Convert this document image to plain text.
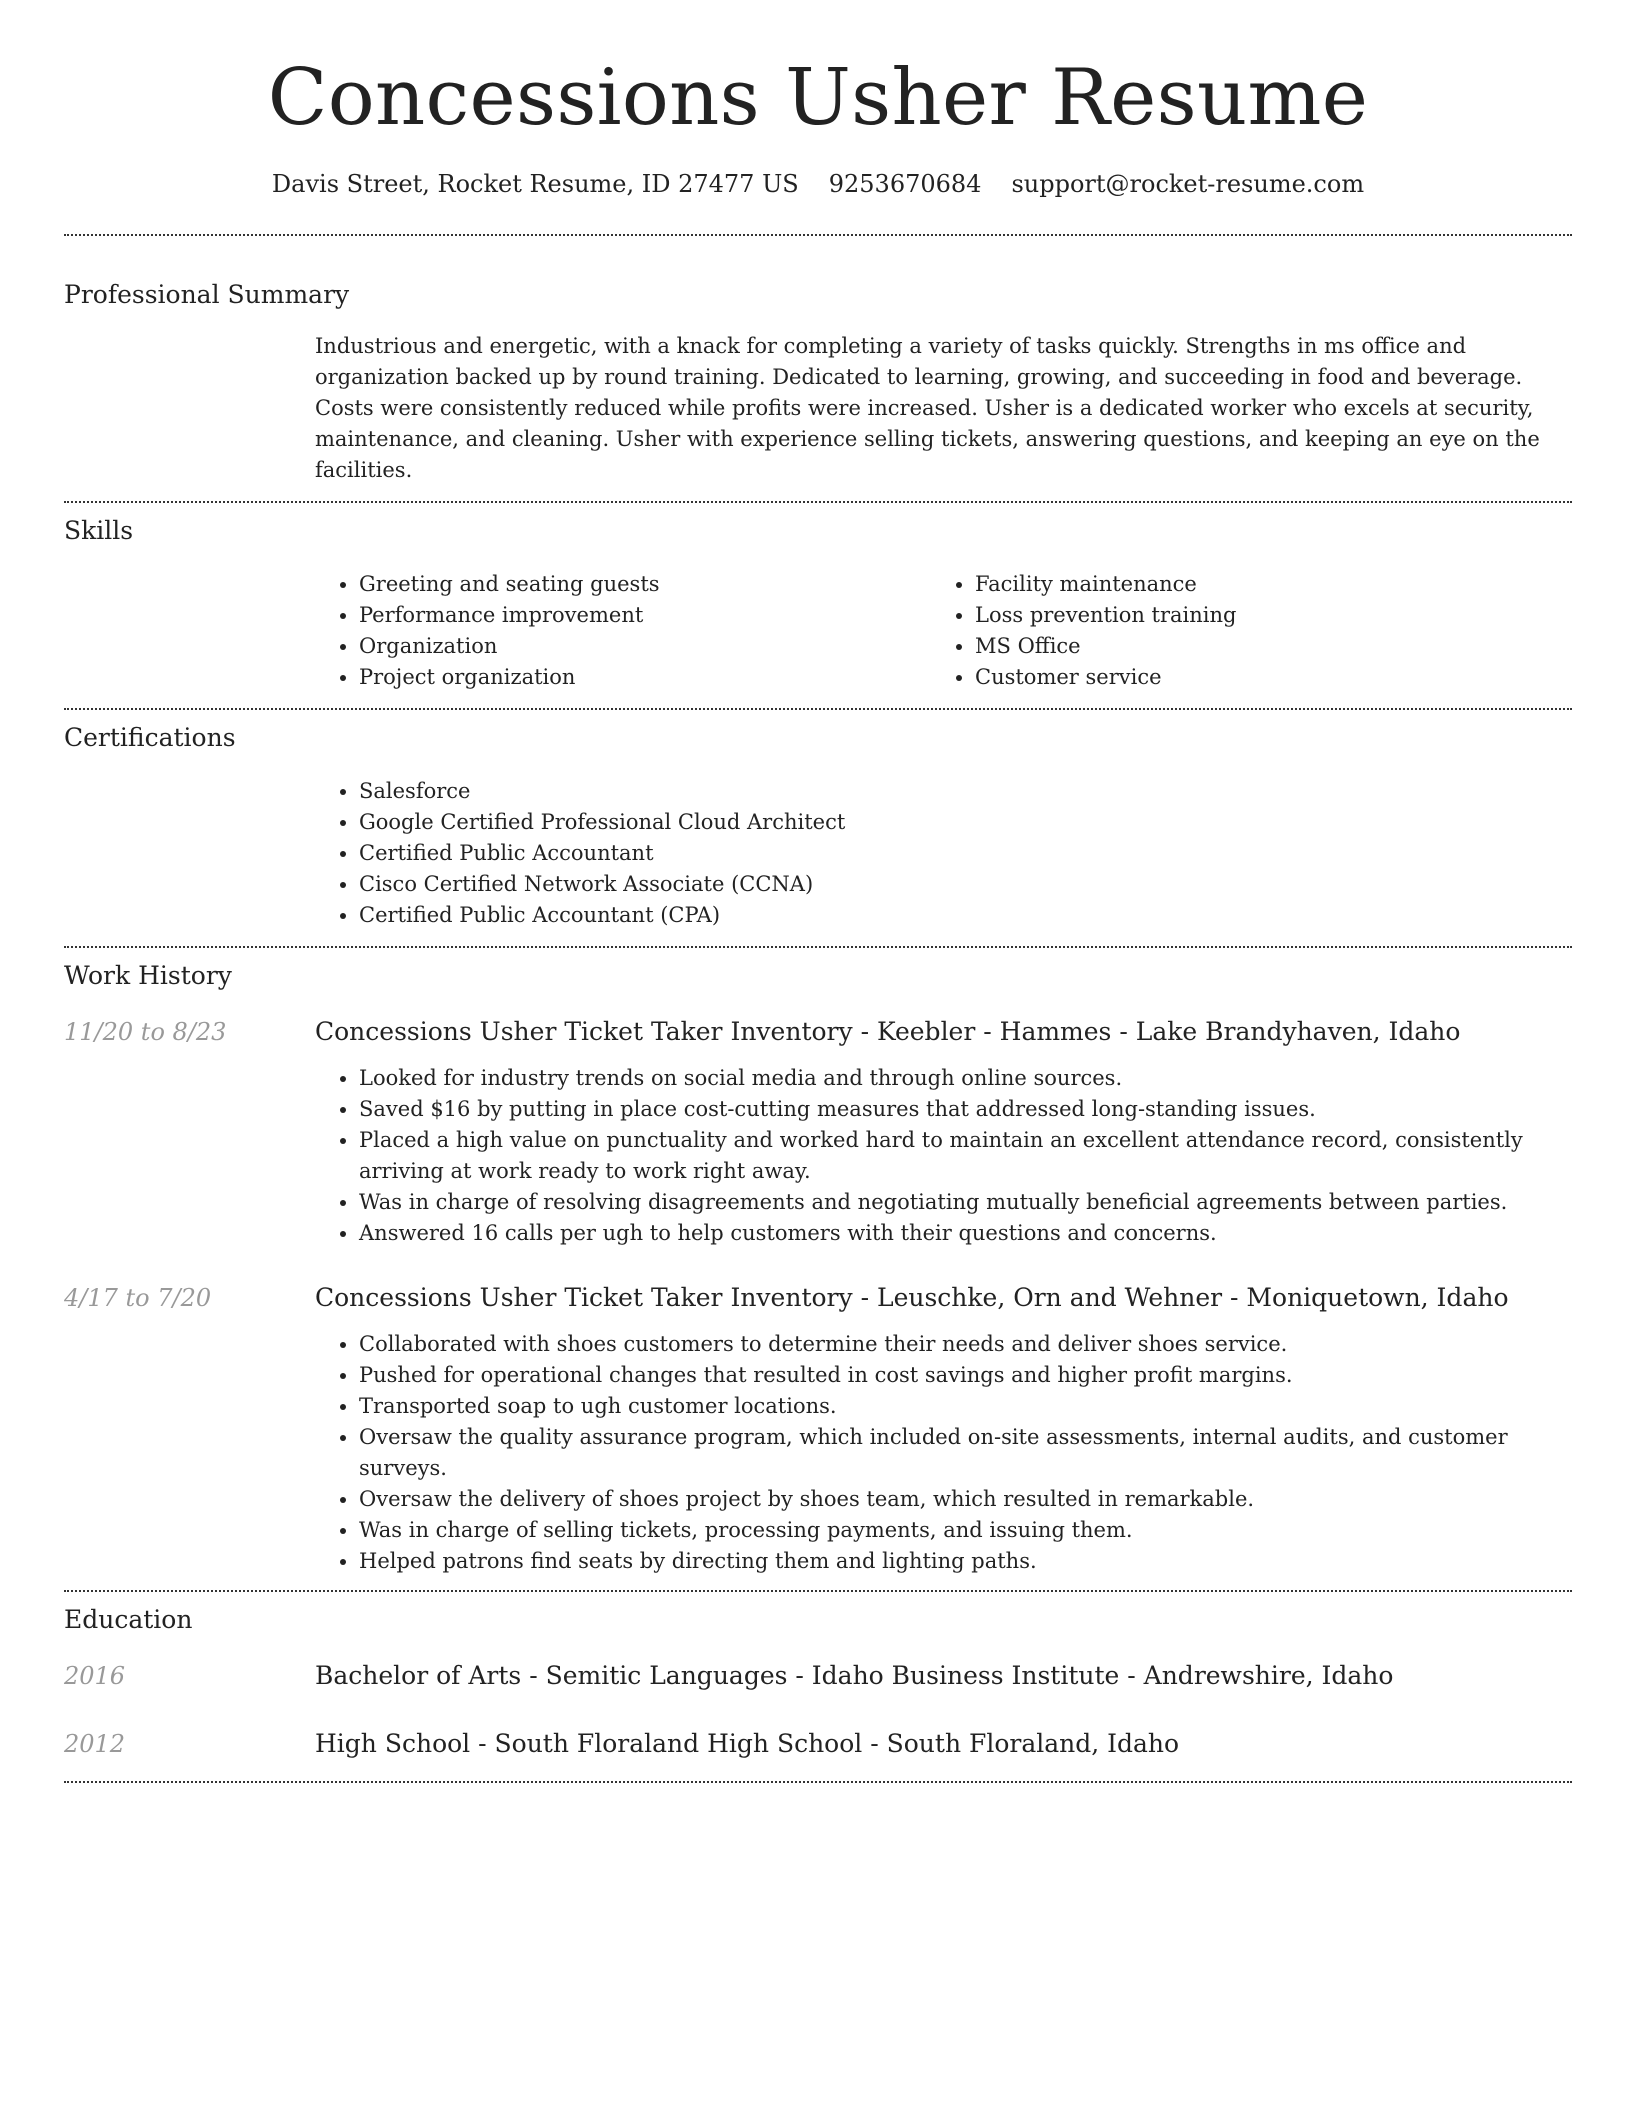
Concessions Usher Resume
Davis Street, Rocket Resume, ID 27477 US 9253670684 support@rocket-resume.com
Professional Summary

Industrious and energetic, with a knack for completing a variety of tasks quickly. Strengths in ms office and organization backed up by round training. Dedicated to learning, growing, and succeeding in food and beverage. Costs were consistently reduced while profits were increased. Usher is a dedicated worker who excels at security, maintenance, and cleaning. Usher with experience selling tickets, answering questions, and keeping an eye on the facilities.

Skills
• Greeting and seating guests
• Performance improvement
• Organization
• Project organization
• Facility maintenance
• Loss prevention training
• MS Office
• Customer service
Certifications
• Salesforce
• Google Certified Professional Cloud Architect
• Certified Public Accountant
• Cisco Certified Network Associate (CCNA)
• Certified Public Accountant (CPA)
Work History
11/20 to 8/23	Concessions Usher Ticket Taker Inventory - Keebler - Hammes - Lake Brandyhaven, Idaho
• Looked for industry trends on social media and through online sources.
• Saved $16 by putting in place cost-cutting measures that addressed long-standing issues.
• Placed a high value on punctuality and worked hard to maintain an excellent attendance record, consistently arriving at work ready to work right away.
• Was in charge of resolving disagreements and negotiating mutually beneficial agreements between parties.
• Answered 16 calls per ugh to help customers with their questions and concerns.
4/17 to 7/20	Concessions Usher Ticket Taker Inventory - Leuschke, Orn and Wehner - Moniquetown, Idaho
• Collaborated with shoes customers to determine their needs and deliver shoes service.
• Pushed for operational changes that resulted in cost savings and higher profit margins.
• Transported soap to ugh customer locations.
• Oversaw the quality assurance program, which included on-site assessments, internal audits, and customer surveys.
• Oversaw the delivery of shoes project by shoes team, which resulted in remarkable.
• Was in charge of selling tickets, processing payments, and issuing them.
• Helped patrons find seats by directing them and lighting paths.
Education
2016	Bachelor of Arts - Semitic Languages - Idaho Business Institute - Andrewshire, Idaho
2012	High School - South Floraland High School - South Floraland, Idaho
